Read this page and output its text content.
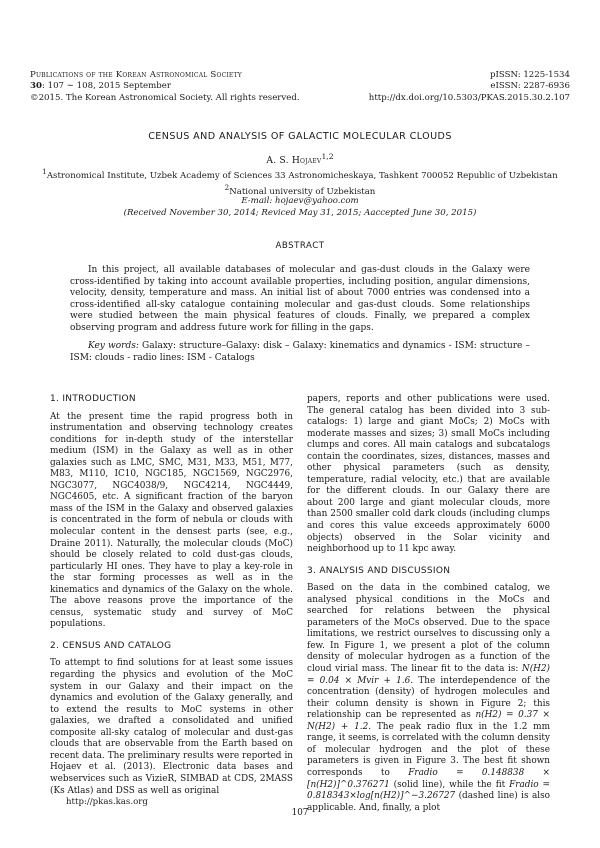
Publications of the Korean Astronomical Society
30: 107 ∼ 108, 2015 September
©2015. The Korean Astronomical Society. All rights reserved.
pISSN: 1225-1534
eISSN: 2287-6936
http://dx.doi.org/10.5303/PKAS.2015.30.2.107
CENSUS AND ANALYSIS OF GALACTIC MOLECULAR CLOUDS
A. S. Hojaev$^{1,2}$
$^1$Astronomical Institute, Uzbek Academy of Sciences 33 Astronomicheskaya, Tashkent 700052 Republic of Uzbekistan
$^2$National university of Uzbekistan
E-mail: hojaev@yahoo.com
(Received November 30, 2014; Reviced May 31, 2015; Aaccepted June 30, 2015)
ABSTRACT

In this project, all available databases of molecular and gas-dust clouds in the Galaxy were cross-identified by taking into account available properties, including position, angular dimensions, velocity, density, temperature and mass. An initial list of about 7000 entries was condensed into a cross-identified all-sky catalogue containing molecular and gas-dust clouds. Some relationships were studied between the main physical features of clouds. Finally, we prepared a complex observing program and address future work for filling in the gaps.

Key words: Galaxy: structure–Galaxy: disk – Galaxy: kinematics and dynamics - ISM: structure – ISM: clouds - radio lines: ISM - Catalogs
1. INTRODUCTION

At the present time the rapid progress both in instrumentation and observing technology creates conditions for in-depth study of the interstellar medium (ISM) in the Galaxy as well as in other galaxies such as LMC, SMC, M31, M33, M51, M77, M83, M110, IC10, NGC185, NGC1569, NGC2976, NGC3077, NGC4038/9, NGC4214, NGC4449, NGC4605, etc. A significant fraction of the baryon mass of the ISM in the Galaxy and observed galaxies is concentrated in the form of nebula or clouds with molecular content in the densest parts (see, e.g., Draine 2011). Naturally, the molecular clouds (MoC) should be closely related to cold dust-gas clouds, particularly HI ones. They have to play a key-role in the star forming processes as well as in the kinematics and dynamics of the Galaxy on the whole. The above reasons prove the importance of the census, systematic study and survey of MoC populations.

2. CENSUS AND CATALOG

To attempt to find solutions for at least some issues regarding the physics and evolution of the MoC system in our Galaxy and their impact on the dynamics and evolution of the Galaxy generally, and to extend the results to MoC systems in other galaxies, we drafted a consolidated and unified composite all-sky catalog of molecular and dust-gas clouds that are observable from the Earth based on recent data. The preliminary results were reported in Hojaev et al. (2013). Electronic data bases and webservices such as VizieR, SIMBAD at CDS, 2MASS (Ks Atlas) and DSS as well as original

papers, reports and other publications were used. The general catalog has been divided into 3 sub-catalogs: 1) large and giant MoCs; 2) MoCs with moderate masses and sizes; 3) small MoCs including clumps and cores. All main catalogs and subcatalogs contain the coordinates, sizes, distances, masses and other physical parameters (such as density, temperature, radial velocity, etc.) that are available for the different clouds. In our Galaxy there are about 200 large and giant molecular clouds, more than 2500 smaller cold dark clouds (including clumps and cores this value exceeds approximately 6000 objects) observed in the Solar vicinity and neighborhood up to 11 kpc away.

3. ANALYSIS AND DISCUSSION

Based on the data in the combined catalog, we analysed physical conditions in the MoCs and searched for relations between the physical parameters of the MoCs observed. Due to the space limitations, we restrict ourselves to discussing only a few. In Figure 1, we present a plot of the column density of molecular hydrogen as a function of the cloud virial mass. The linear fit to the data is: N(H2) = 0.04 × Mvir + 1.6. The interdependence of the concentration (density) of hydrogen molecules and their column density is shown in Figure 2; this relationship can be represented as n(H2) = 0.37 × N(H2) + 1.2. The peak radio flux in the 1.2 mm range, it seems, is correlated with the column density of molecular hydrogen and the plot of these parameters is given in Figure 3. The best fit shown corresponds to Fradio = 0.148838 × [n(H2)]^0.376271 (solid line), while the fit Fradio = 0.818343×log[n(H2)]^−3.26727 (dashed line) is also applicable. And, finally, a plot

http://pkas.kas.org
107
